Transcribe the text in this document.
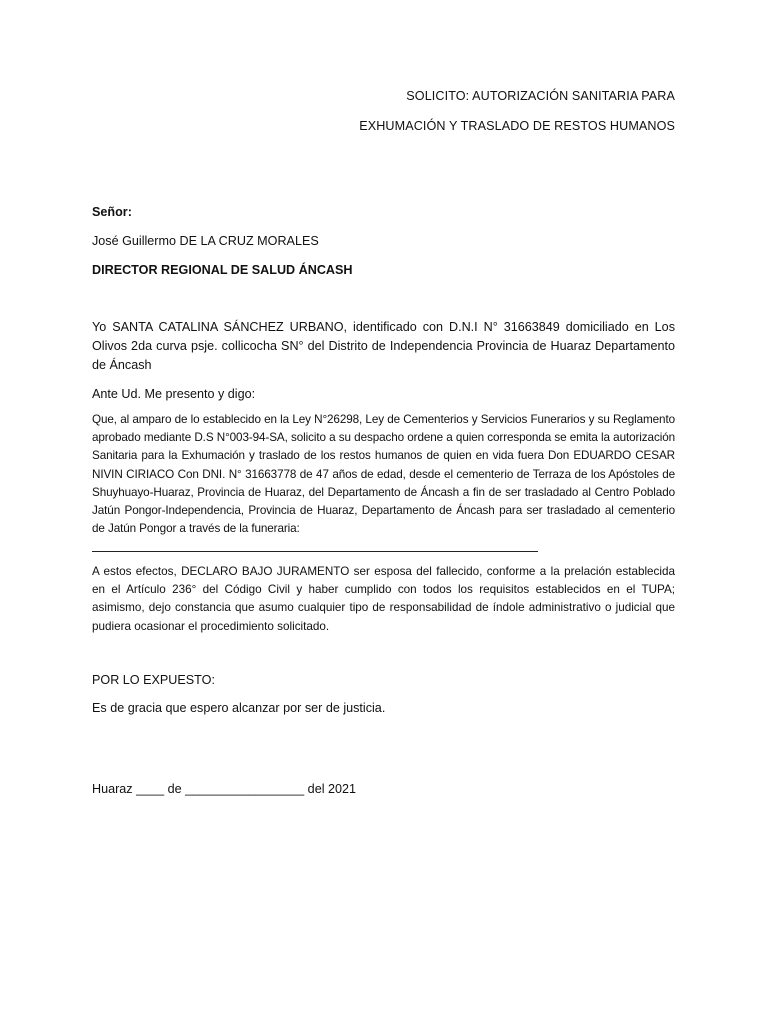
SOLICITO: AUTORIZACIÓN SANITARIA PARA
EXHUMACIÓN Y TRASLADO DE RESTOS HUMANOS
Señor:
José Guillermo DE LA CRUZ MORALES
DIRECTOR REGIONAL DE SALUD ÁNCASH
Yo SANTA CATALINA SÁNCHEZ URBANO, identificado con D.N.I N° 31663849 domiciliado en Los Olivos 2da curva psje. collicocha SN° del Distrito de Independencia Provincia de Huaraz Departamento de Áncash
Ante Ud. Me presento y digo:
Que, al amparo de lo establecido en la Ley N°26298, Ley de Cementerios y Servicios Funerarios y su Reglamento aprobado mediante D.S N°003-94-SA, solicito a su despacho ordene a quien corresponda se emita la autorización Sanitaria para la Exhumación y traslado de los restos humanos de quien en vida fuera Don EDUARDO CESAR NIVIN CIRIACO Con DNI. N° 31663778 de 47 años de edad, desde el cementerio de Terraza de los Apóstoles de Shuyhuayo-Huaraz, Provincia de Huaraz, del Departamento de Áncash a fin de ser trasladado al Centro Poblado Jatún Pongor-Independencia, Provincia de Huaraz, Departamento de Áncash para ser trasladado al cementerio de Jatún Pongor a través de la funeraria:
A estos efectos, DECLARO BAJO JURAMENTO ser esposa del fallecido, conforme a la prelación establecida en el Artículo 236° del Código Civil y haber cumplido con todos los requisitos establecidos en el TUPA; asimismo, dejo constancia que asumo cualquier tipo de responsabilidad de índole administrativo o judicial que pudiera ocasionar el procedimiento solicitado.
POR LO EXPUESTO:
Es de gracia que espero alcanzar por ser de justicia.
Huaraz ____ de _________________ del 2021
